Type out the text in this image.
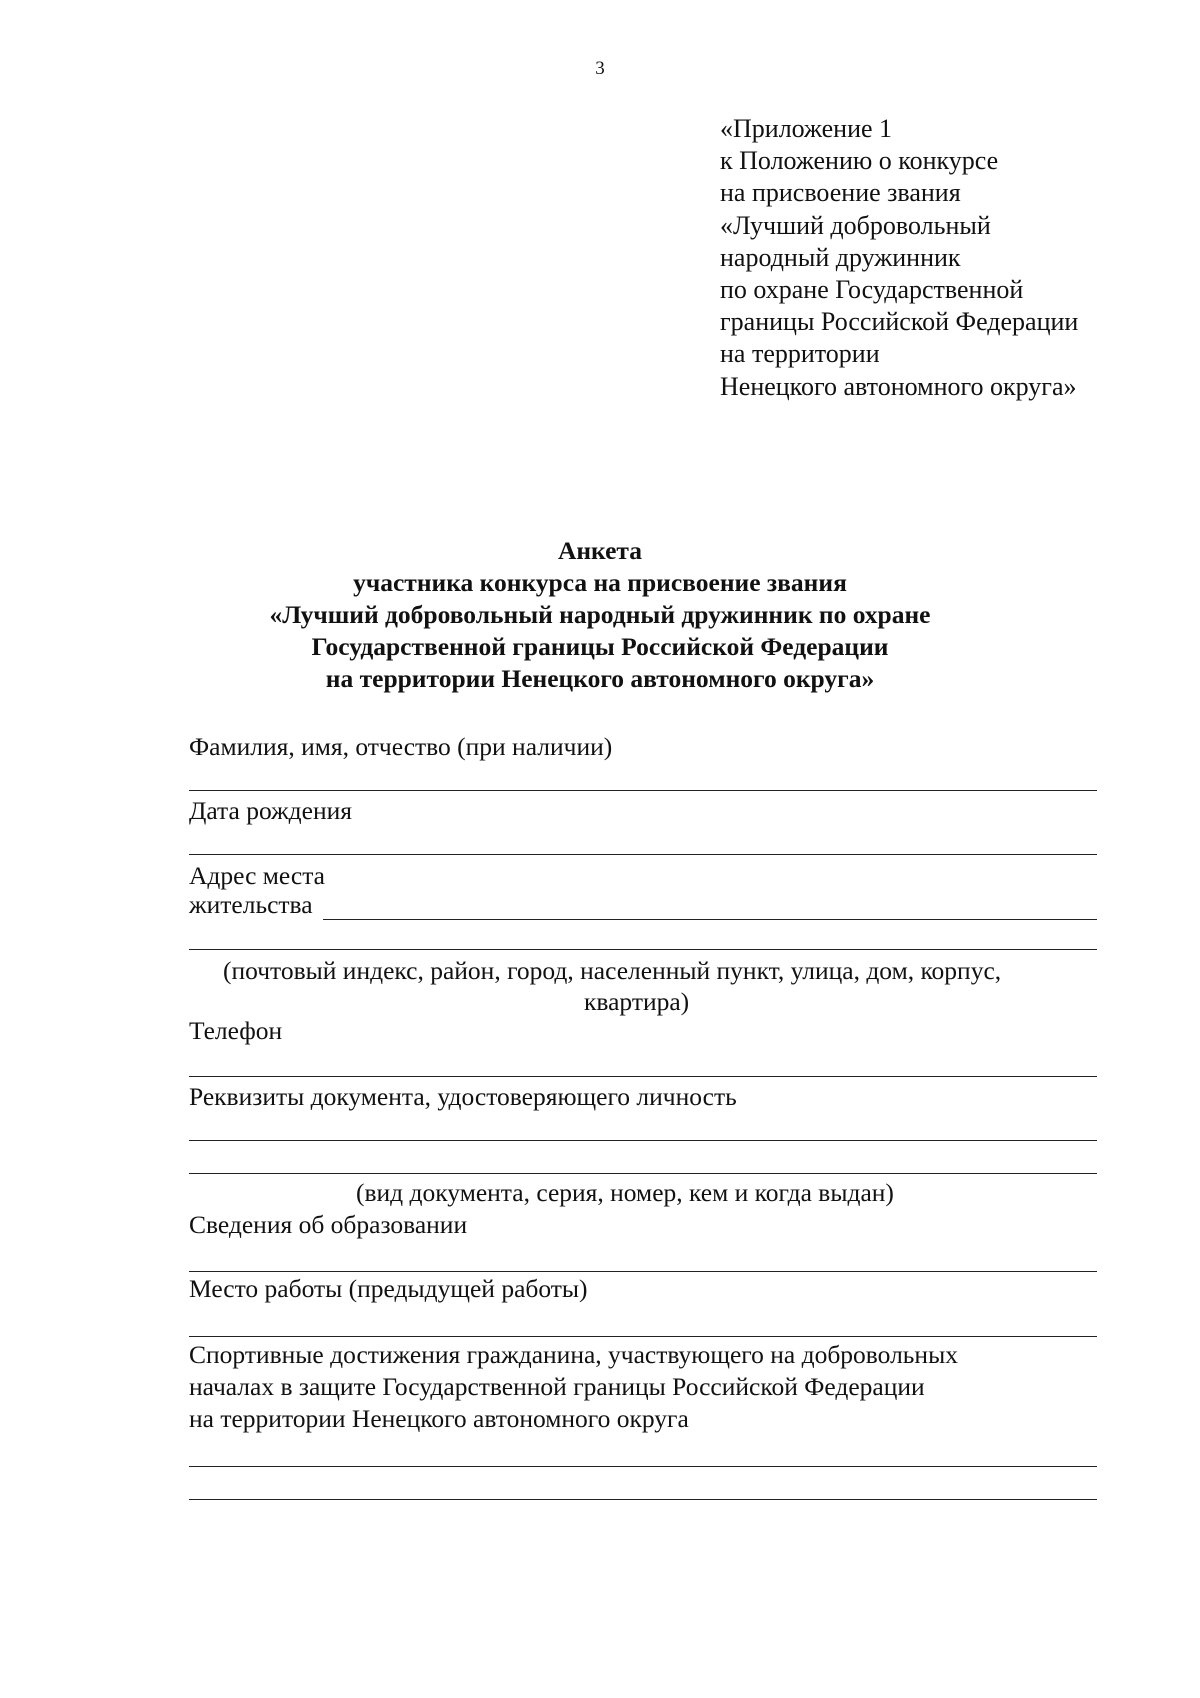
3
«Приложение 1
к Положению о конкурсе
на присвоение звания
«Лучший добровольный
народный дружинник
по охране Государственной
границы Российской Федерации
на территории
Ненецкого автономного округа»
Анкета
участника конкурса на присвоение звания
«Лучший добровольный народный дружинник по охране
Государственной границы Российской Федерации
на территории Ненецкого автономного округа»
Фамилия, имя, отчество (при наличии)
Дата рождения
Адрес места
жительства
(почтовый индекс, район, город, населенный пункт, улица, дом, корпус,
квартира)
Телефон
Реквизиты документа, удостоверяющего личность
(вид документа, серия, номер, кем и когда выдан)
Сведения об образовании
Место работы (предыдущей работы)
Спортивные достижения гражданина, участвующего на добровольных
началах в защите Государственной границы Российской Федерации
на территории Ненецкого автономного округа
